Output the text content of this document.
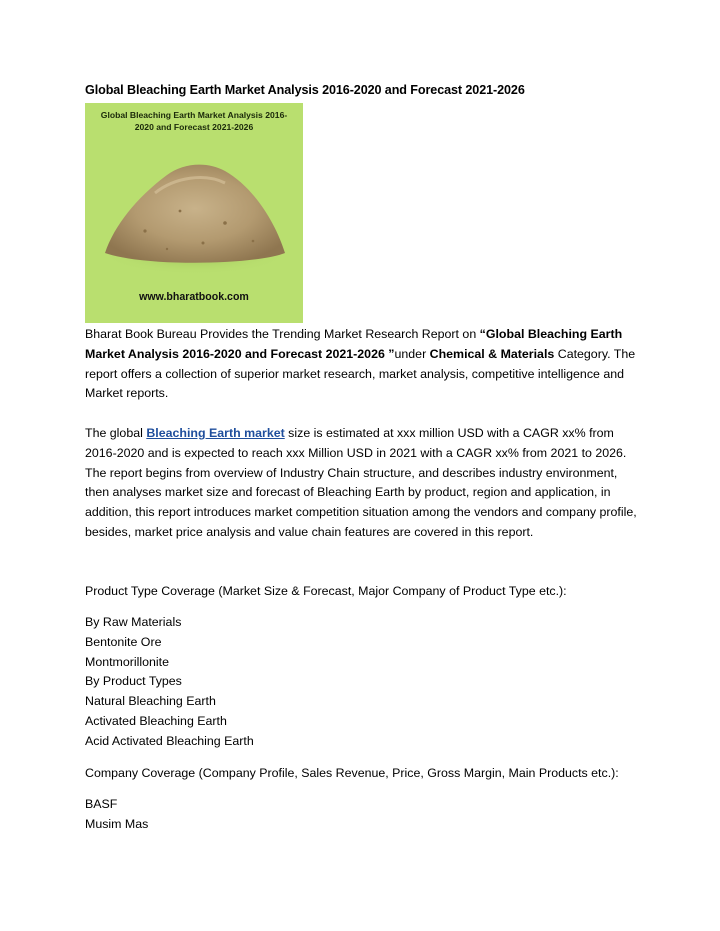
Global Bleaching Earth Market Analysis 2016-2020 and Forecast 2021-2026
Global Bleaching Earth Market Analysis 2016-
2020 and Forecast 2021-2026
www.bharatbook.com
Bharat Book Bureau Provides the Trending Market Research Report on “Global Bleaching Earth Market Analysis 2016-2020 and Forecast 2021-2026 ”under Chemical & Materials Category. The report offers a collection of superior market research, market analysis, competitive intelligence and Market reports.
The global Bleaching Earth market size is estimated at xxx million USD with a CAGR xx% from 2016-2020 and is expected to reach xxx Million USD in 2021 with a CAGR xx% from 2021 to 2026. The report begins from overview of Industry Chain structure, and describes industry environment, then analyses market size and forecast of Bleaching Earth by product, region and application, in addition, this report introduces market competition situation among the vendors and company profile, besides, market price analysis and value chain features are covered in this report.
Product Type Coverage (Market Size & Forecast, Major Company of Product Type etc.):
By Raw Materials
Bentonite Ore
Montmorillonite
By Product Types
Natural Bleaching Earth
Activated Bleaching Earth
Acid Activated Bleaching Earth
Company Coverage (Company Profile, Sales Revenue, Price, Gross Margin, Main Products etc.):
BASF
Musim Mas
